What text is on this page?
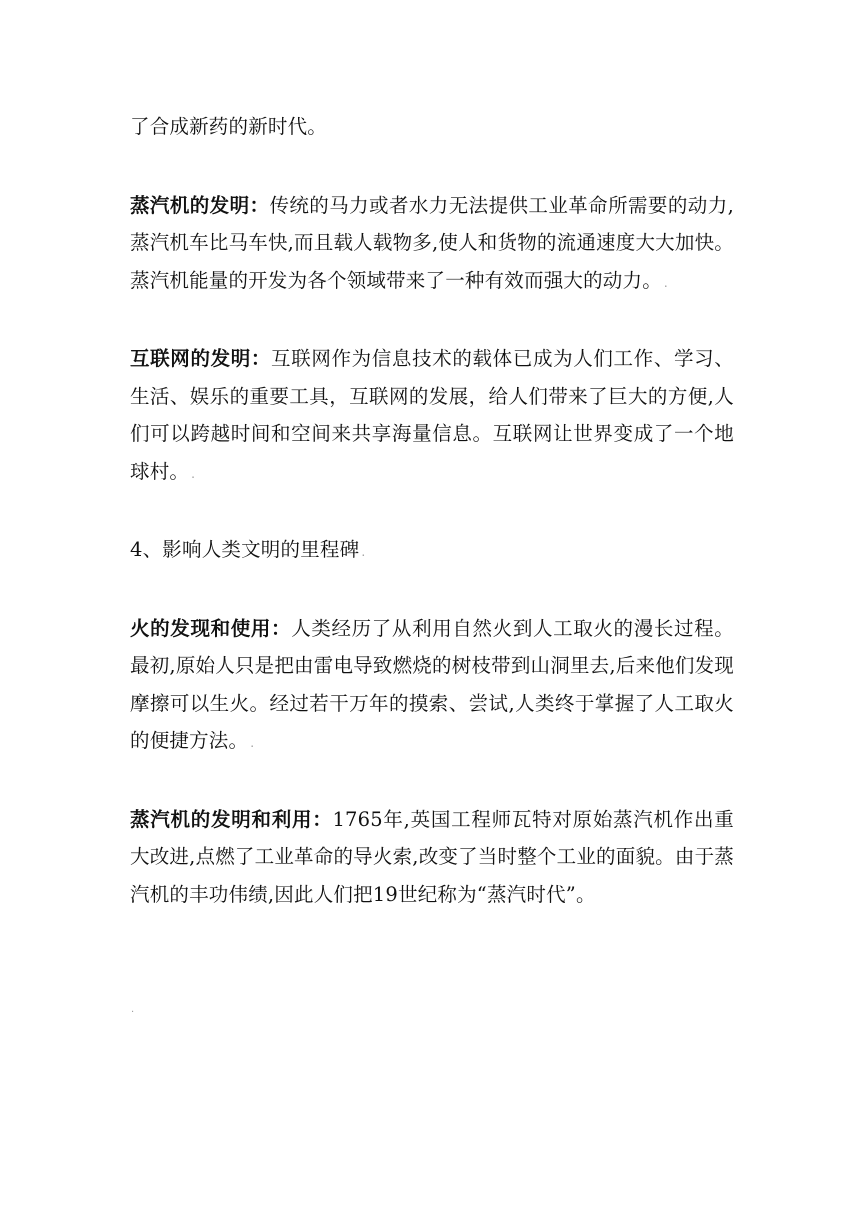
了合成新药的新时代。

蒸汽机的发明：传统的马力或者水力无法提供工业革命所需要的动力,蒸汽机车比马车快,而且载人载物多,使人和货物的流通速度大大加快。蒸汽机能量的开发为各个领域带来了一种有效而强大的动力。 .

互联网的发明：互联网作为信息技术的载体已成为人们工作、学习、生活、娱乐的重要工具，互联网的发展，给人们带来了巨大的方便,人们可以跨越时间和空间来共享海量信息。互联网让世界变成了一个地球村。 .

4、影响人类文明的里程碑 .

火的发现和使用：人类经历了从利用自然火到人工取火的漫长过程。最初,原始人只是把由雷电导致燃烧的树枝带到山洞里去,后来他们发现摩擦可以生火。经过若干万年的摸索、尝试,人类终于掌握了人工取火的便捷方法。 .

蒸汽机的发明和利用：1765年,英国工程师瓦特对原始蒸汽机作出重大改进,点燃了工业革命的导火索,改变了当时整个工业的面貌。由于蒸汽机的丰功伟绩,因此人们把19世纪称为“蒸汽时代”。

.
